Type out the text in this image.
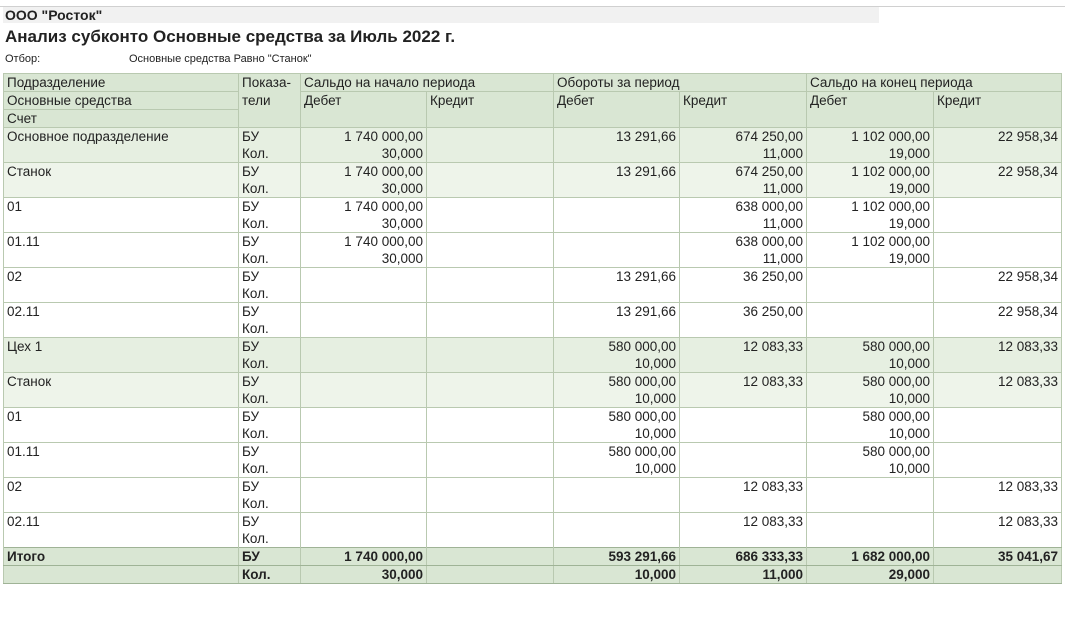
ООО "Росток"
Анализ субконто Основные средства за Июль 2022 г.
Отбор:	Основные средства Равно "Станок"
Подразделение	Показа-	Сальдо на начало периода		Обороты за период		Сальдо на конец периода	
Основные средства	тели	Дебет	Кредит	Дебет	Кредит	Дебет	Кредит
Счет							
Основное подразделение	БУ	1 740 000,00		13 291,66	674 250,00	1 102 000,00	22 958,34
	Кол.	30,000			11,000	19,000	
Станок	БУ	1 740 000,00		13 291,66	674 250,00	1 102 000,00	22 958,34
	Кол.	30,000			11,000	19,000	
01	БУ	1 740 000,00			638 000,00	1 102 000,00	
	Кол.	30,000			11,000	19,000	
01.11	БУ	1 740 000,00			638 000,00	1 102 000,00	
	Кол.	30,000			11,000	19,000	
02	БУ			13 291,66	36 250,00		22 958,34
	Кол.						
02.11	БУ			13 291,66	36 250,00		22 958,34
	Кол.						
Цех 1	БУ			580 000,00	12 083,33	580 000,00	12 083,33
	Кол.			10,000		10,000	
Станок	БУ			580 000,00	12 083,33	580 000,00	12 083,33
	Кол.			10,000		10,000	
01	БУ			580 000,00		580 000,00	
	Кол.			10,000		10,000	
01.11	БУ			580 000,00		580 000,00	
	Кол.			10,000		10,000	
02	БУ				12 083,33		12 083,33
	Кол.						
02.11	БУ				12 083,33		12 083,33
	Кол.						
Итого	БУ	1 740 000,00		593 291,66	686 333,33	1 682 000,00	35 041,67
	Кол.	30,000		10,000	11,000	29,000	
